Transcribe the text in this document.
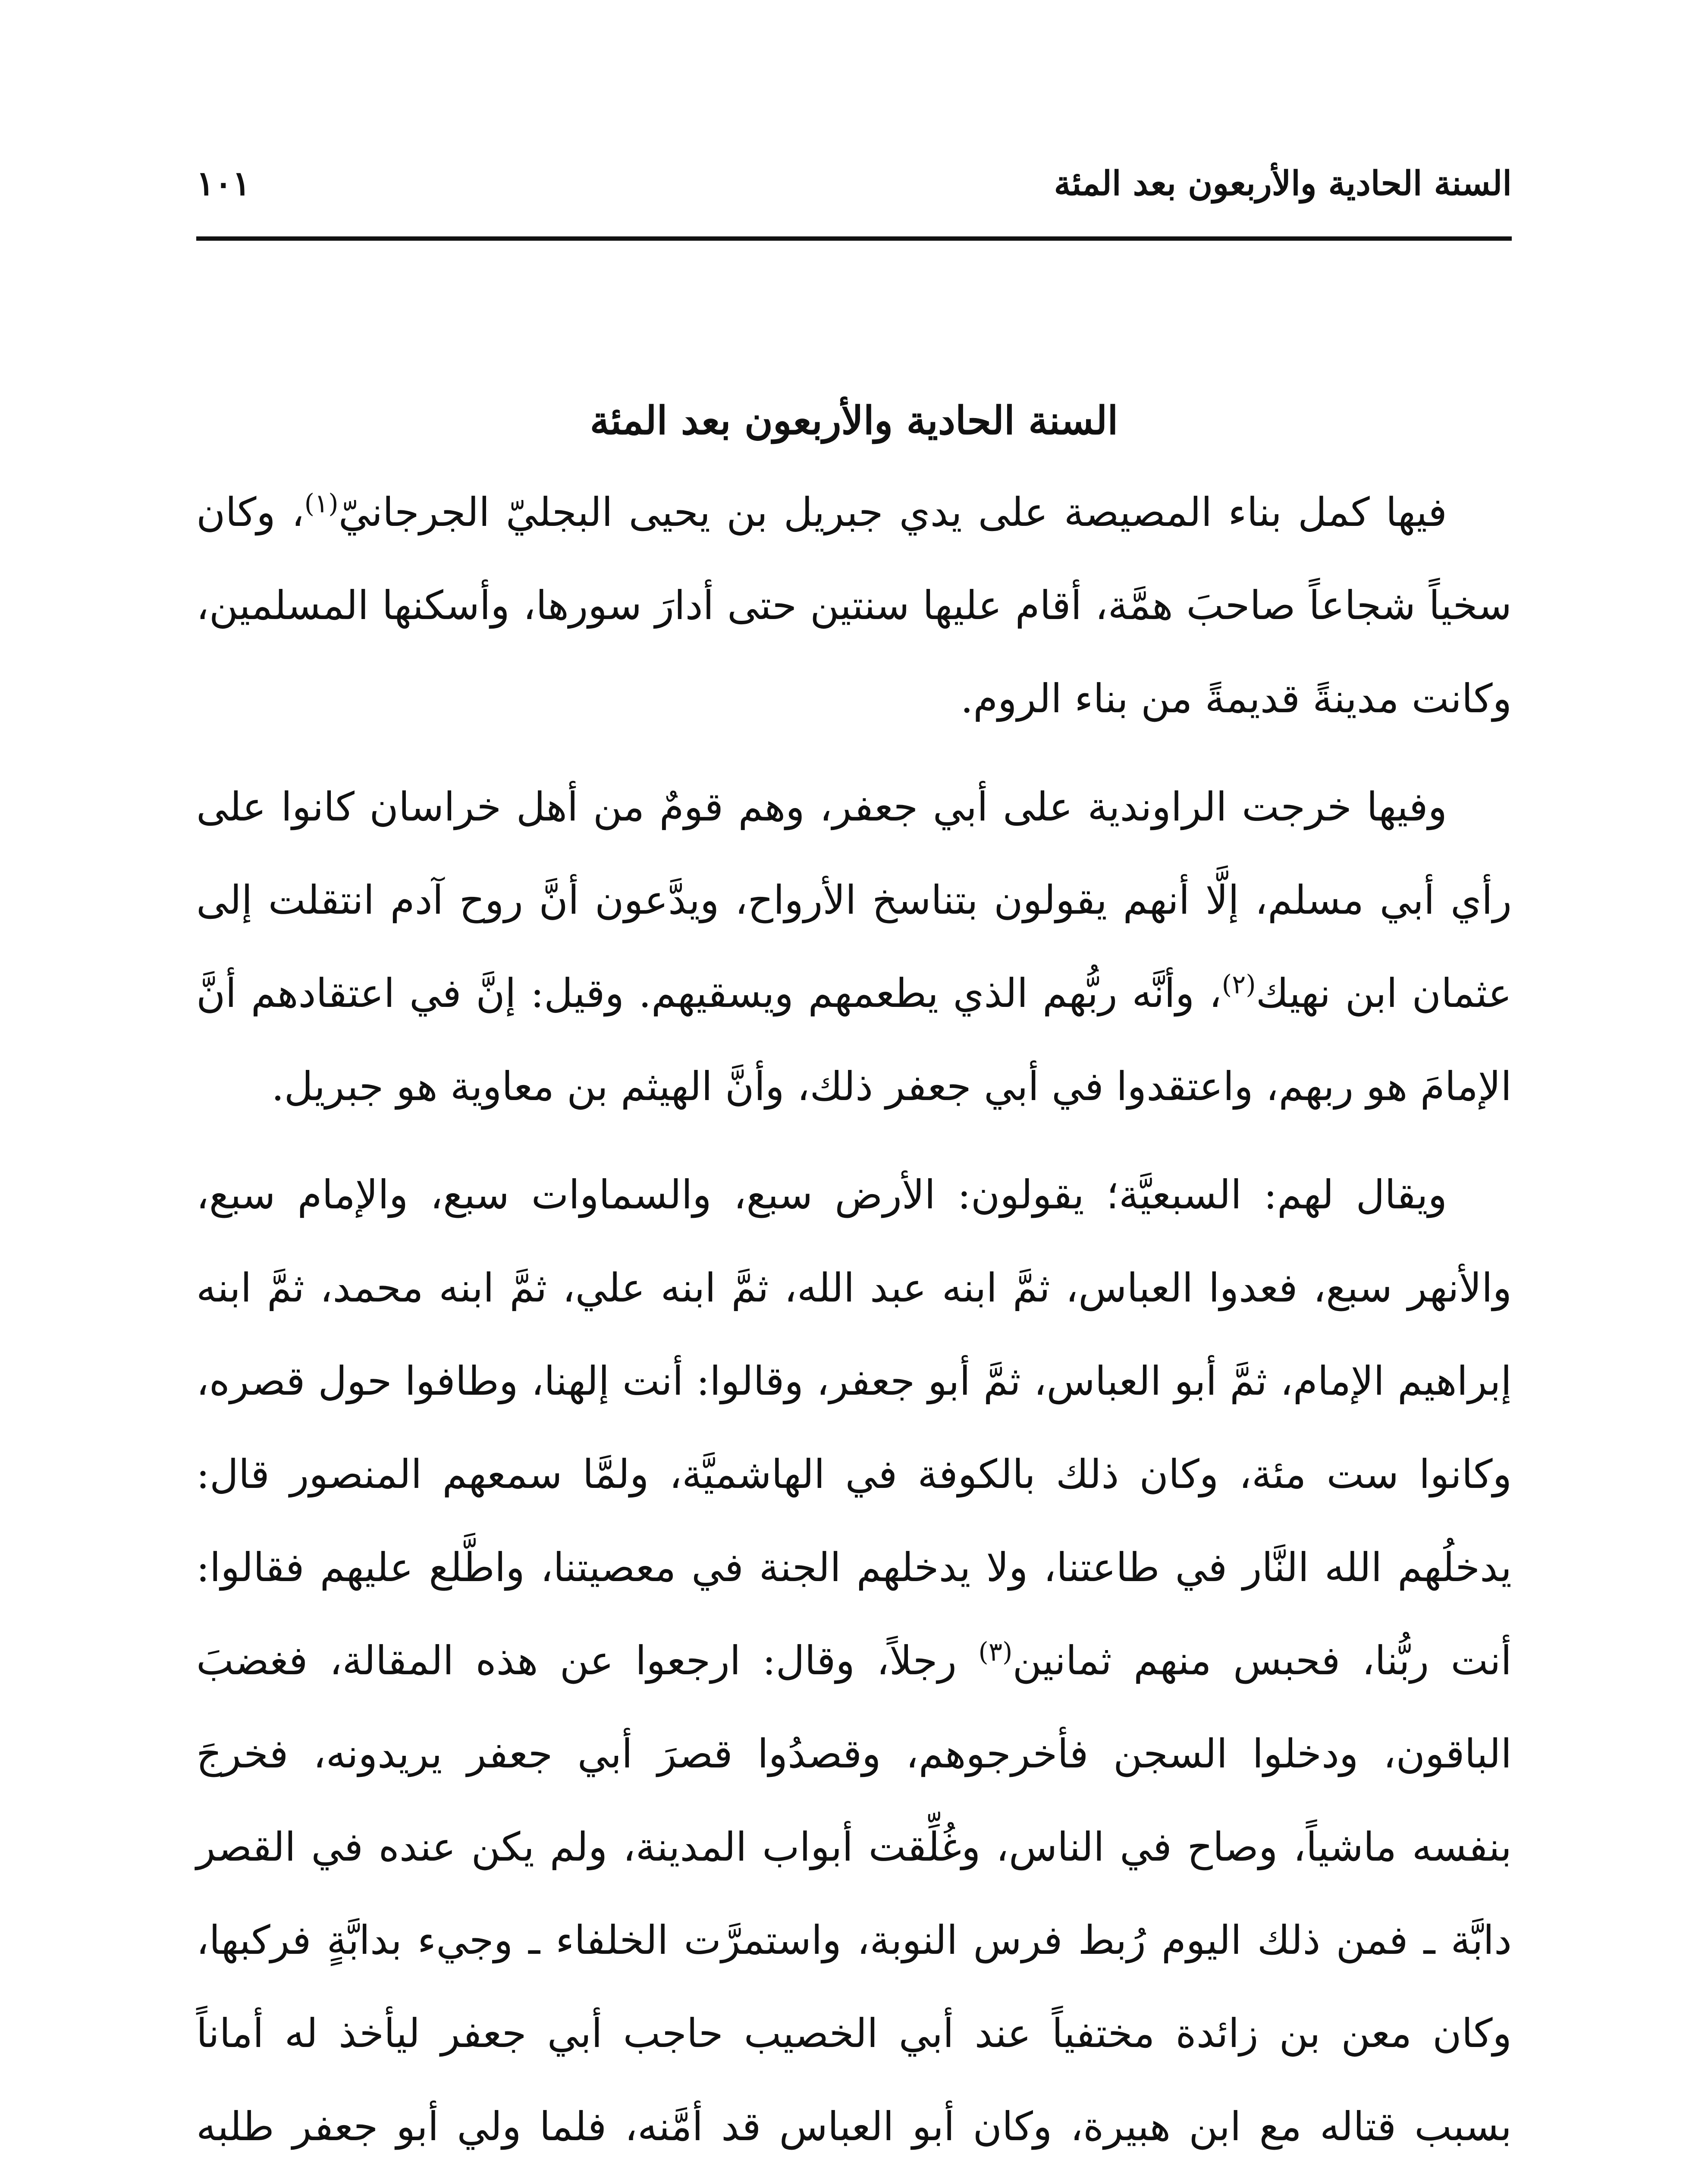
السنة الحادية والأربعون بعد المئة
١٠١
السنة الحادية والأربعون بعد المئة

فيها كمل بناء المصيصة على يدي جبريل بن يحيى البجليّ الجرجانيّ$^{(١)}$، وكان سخياً شجاعاً صاحبَ همَّة، أقام عليها سنتين حتى أدارَ سورها، وأسكنها المسلمين، وكانت مدينةً قديمةً من بناء الروم.

وفيها خرجت الراوندية على أبي جعفر، وهم قومٌ من أهل خراسان كانوا على رأي أبي مسلم، إلَّا أنهم يقولون بتناسخ الأرواح، ويدَّعون أنَّ روح آدم انتقلت إلى عثمان ابن نهيك$^{(٢)}$، وأنَّه ربُّهم الذي يطعمهم ويسقيهم. وقيل: إنَّ في اعتقادهم أنَّ الإمامَ هو ربهم، واعتقدوا في أبي جعفر ذلك، وأنَّ الهيثم بن معاوية هو جبريل.

ويقال لهم: السبعيَّة؛ يقولون: الأرض سبع، والسماوات سبع، والإمام سبع، والأنهر سبع، فعدوا العباس، ثمَّ ابنه عبد الله، ثمَّ ابنه علي، ثمَّ ابنه محمد، ثمَّ ابنه إبراهيم الإمام، ثمَّ أبو العباس، ثمَّ أبو جعفر، وقالوا: أنت إلهنا، وطافوا حول قصره، وكانوا ست مئة، وكان ذلك بالكوفة في الهاشميَّة، ولمَّا سمعهم المنصور قال: يدخلُهم الله النَّار في طاعتنا، ولا يدخلهم الجنة في معصيتنا، واطَّلع عليهم فقالوا: أنت ربُّنا، فحبس منهم ثمانين$^{(٣)}$ رجلاً، وقال: ارجعوا عن هذه المقالة، فغضبَ الباقون، ودخلوا السجن فأخرجوهم، وقصدُوا قصرَ أبي جعفر يريدونه، فخرجَ بنفسه ماشياً، وصاح في الناس، وغُلِّقت أبواب المدينة، ولم يكن عنده في القصر دابَّة ـ فمن ذلك اليوم رُبط فرس النوبة، واستمرَّت الخلفاء ـ وجيء بدابَّةٍ فركبها، وكان معن بن زائدة مختفياً عند أبي الخصيب حاجب أبي جعفر ليأخذ له أماناً بسبب قتاله مع ابن هبيرة، وكان أبو العباس قد أمَّنه، فلما ولي أبو جعفر طلبه
